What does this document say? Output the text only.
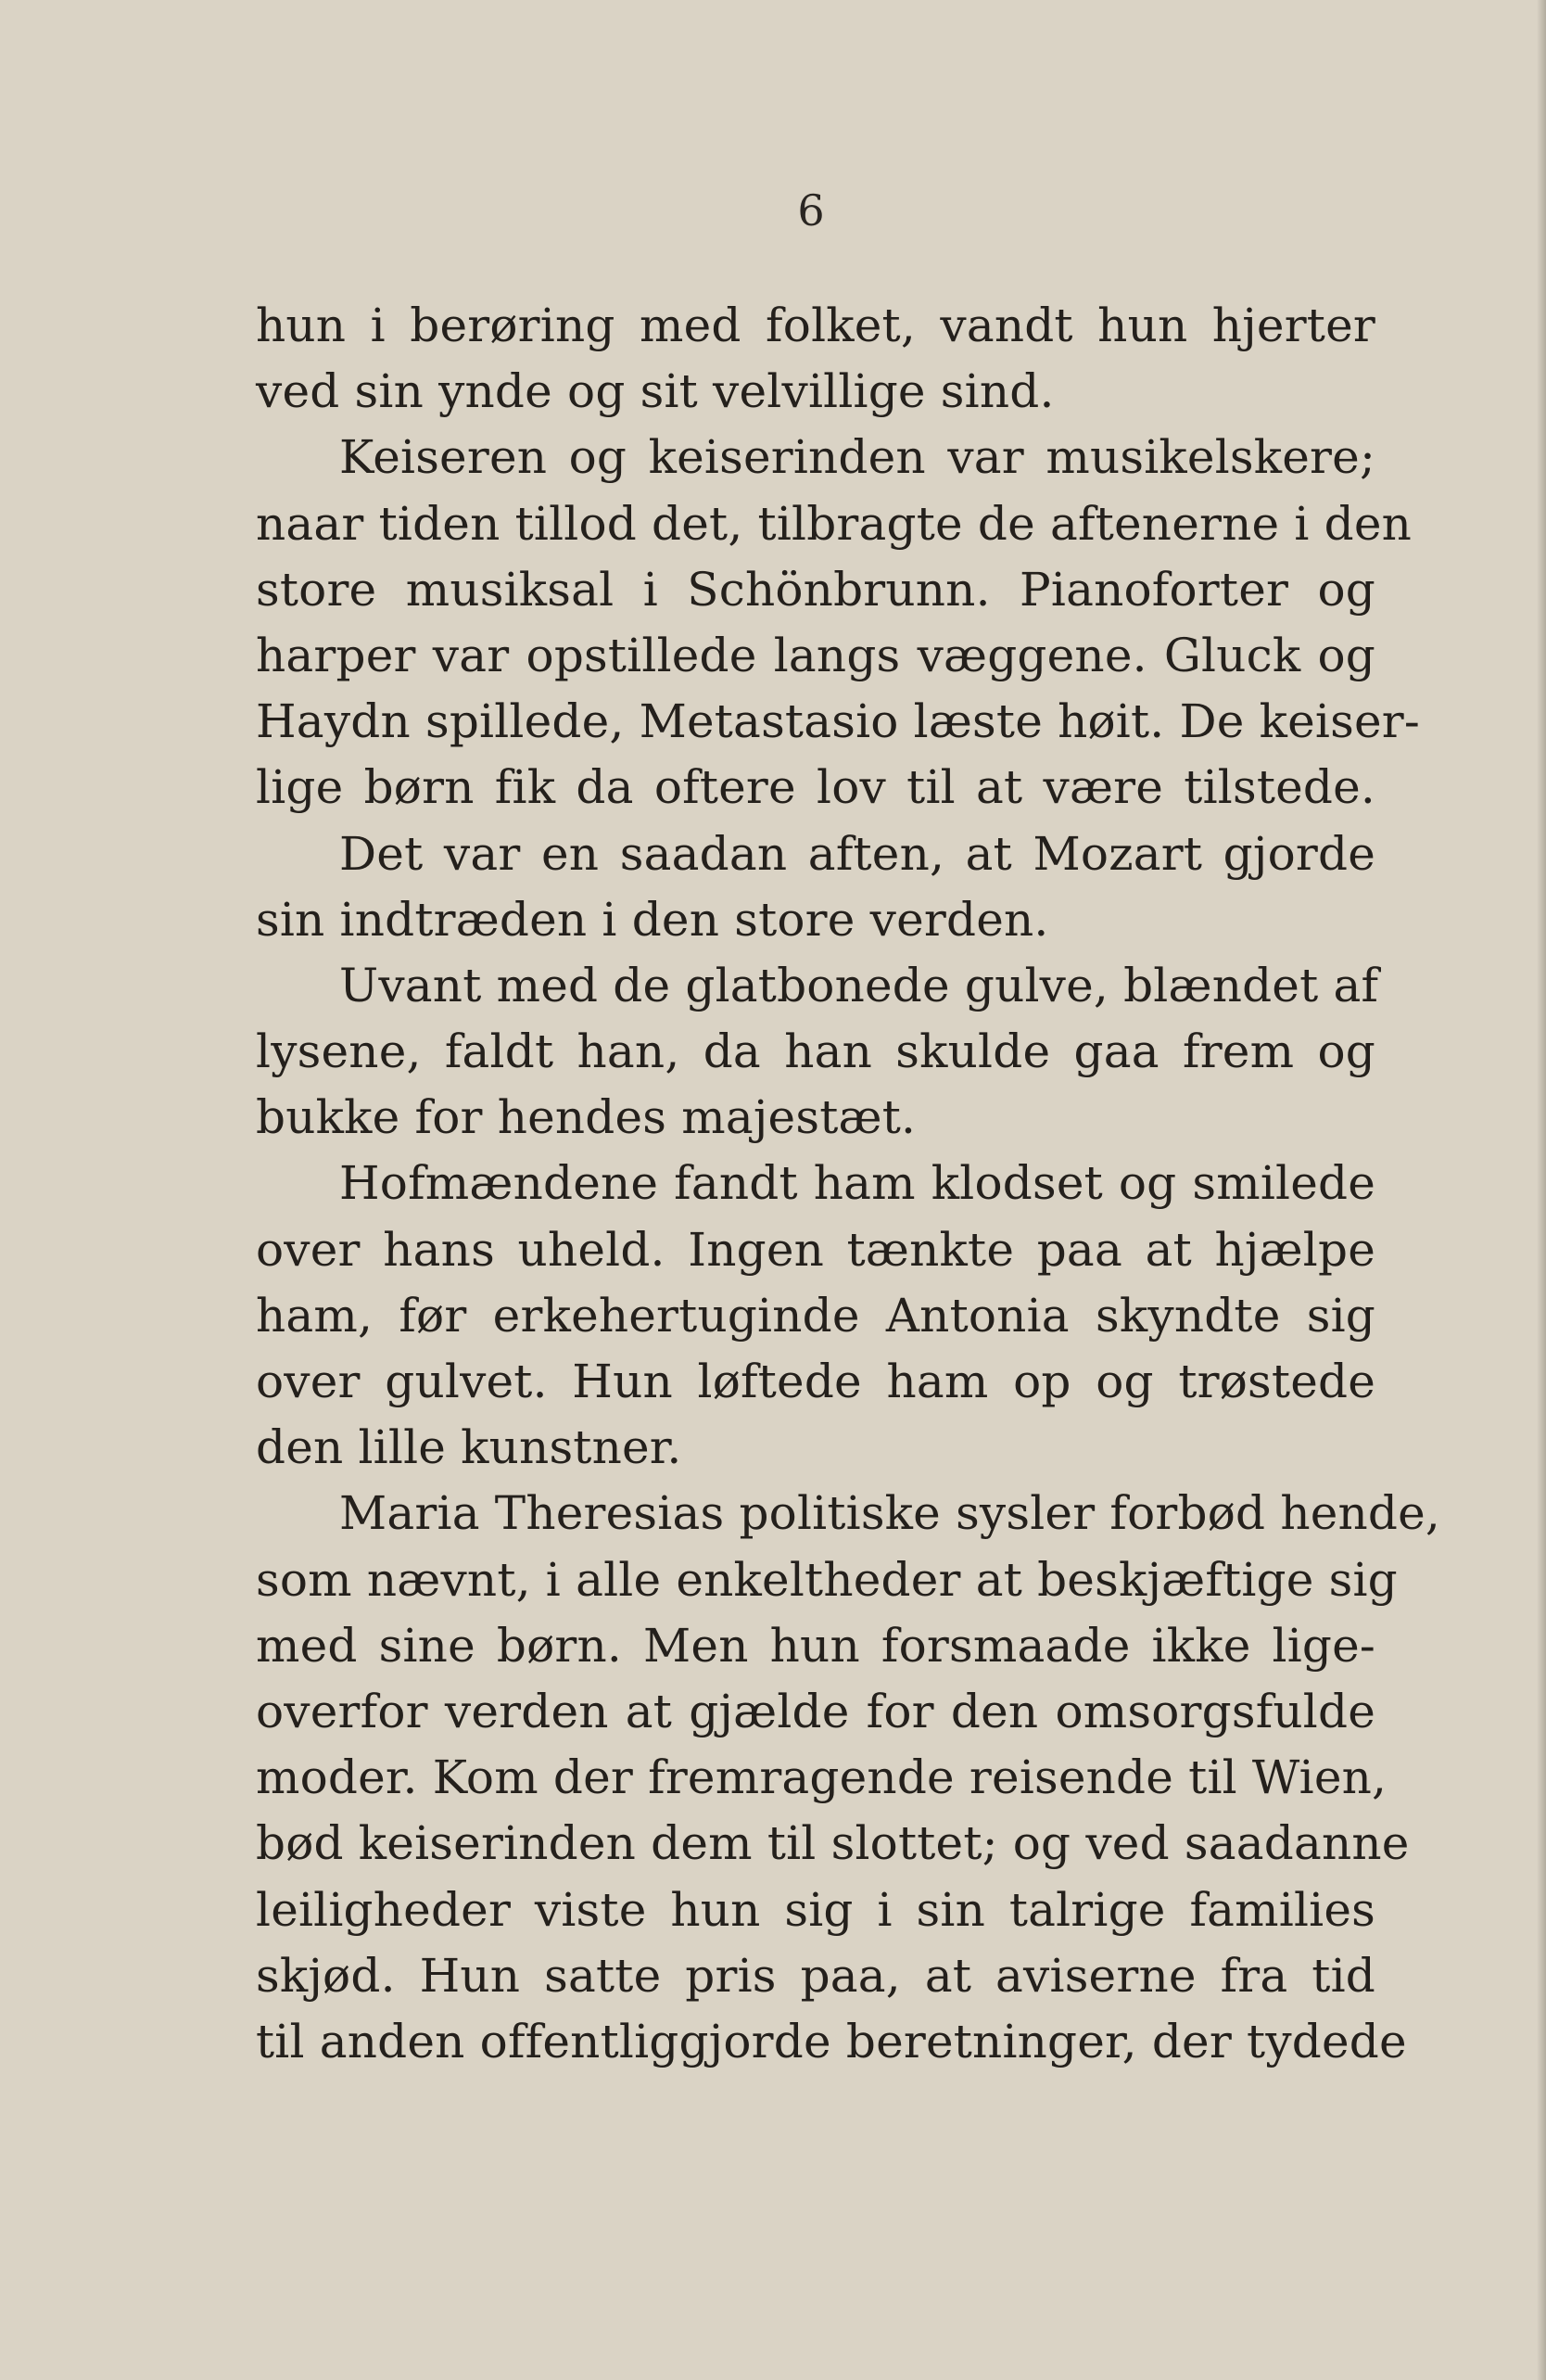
6
hun i berøring med folket, vandt hun hjerter
ved sin ynde og sit velvillige sind.
Keiseren og keiserinden var musikelskere;
naar tiden tillod det, tilbragte de aftenerne i den
store musiksal i Schönbrunn. Pianoforter og
harper var opstillede langs væggene. Gluck og
Haydn spillede, Metastasio læste høit. De keiser-
lige børn fik da oftere lov til at være tilstede.
Det var en saadan aften, at Mozart gjorde
sin indtræden i den store verden.
Uvant med de glatbonede gulve, blændet af
lysene, faldt han, da han skulde gaa frem og
bukke for hendes majestæt.
Hofmændene fandt ham klodset og smilede
over hans uheld. Ingen tænkte paa at hjælpe
ham, før erkehertuginde Antonia skyndte sig
over gulvet. Hun løftede ham op og trøstede
den lille kunstner.
Maria Theresias politiske sysler forbød hende,
som nævnt, i alle enkeltheder at beskjæftige sig
med sine børn. Men hun forsmaade ikke lige-
overfor verden at gjælde for den omsorgsfulde
moder. Kom der fremragende reisende til Wien,
bød keiserinden dem til slottet; og ved saadanne
leiligheder viste hun sig i sin talrige families
skjød. Hun satte pris paa, at aviserne fra tid
til anden offentliggjorde beretninger, der tydede
